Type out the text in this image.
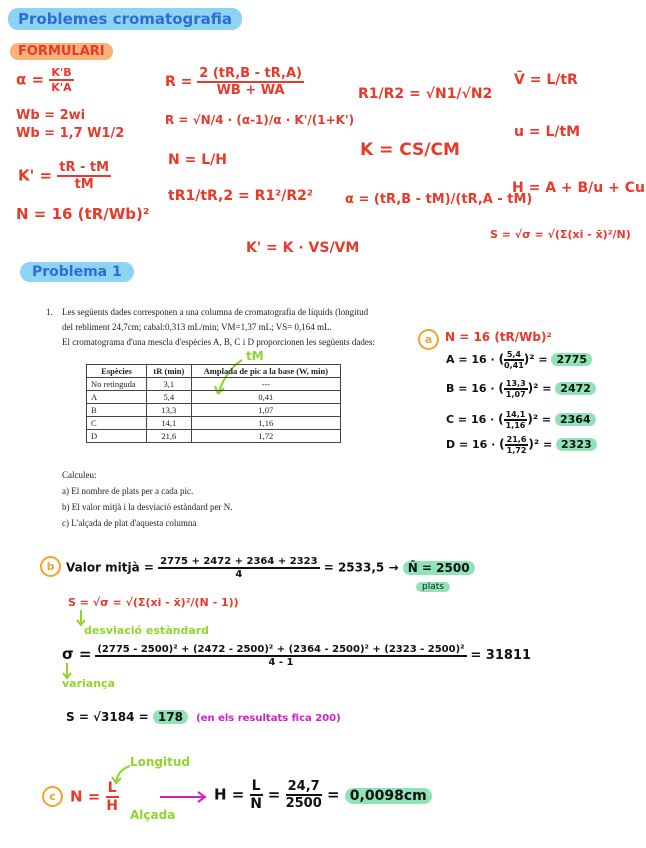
Problemes cromatografia
FORMULARI
$\alpha = \frac{K'B}{K'A}$
Wb = 2wi
Wb = 1,7 W1/2
$K' = \frac{tR - tM}{tM}$
N = 16 (tR/Wb)²
$R = \frac{2 (tR,B - tR,A)}{WB + WA}$
R = √N/4 · (α-1)/α · K'/(1+K')
N = L/H
tR1/tR,2 = R1²/R2²
K' = K · VS/VM
R1/R2 = √N1/√N2
K = CS/CM
α = (tR,B - tM)/(tR,A - tM)
V̄ = L/tR
u = L/tM
H = A + B/u + Cu
S = √σ = √(Σ(xi - x̄)²/N)
Problema 1
1. Les següents dades corresponen a una columna de cromatografia de líquids (longitud
del rebliment 24,7cm; cabal:0,313 mL/min; VM=1,37 mL; VS= 0,164 mL.
El cromatograma d'una mescla d'espècies A, B, C i D proporcionen les següents dades:
tM
Espècies	tR (min)	Amplada de pic a la base (W, min)
No retinguda	3,1	---
A	5,4	0,41
B	13,3	1,07
C	14,1	1,16
D	21,6	1,72
Calculeu:
a) El nombre de plats per a cada pic.
b) El valor mitjà i la desviació estàndard per N.
c) L'alçada de plat d'aquesta columna
a	N = 16 (tR/Wb)²
A = 16 · ( $\frac{5,4}{0,41} )^2 = 2775$
B = 16 · ( $\frac{13,3}{1,07} )^2 = 2472$
C = 16 · ( $\frac{14,1}{1,16} )^2 = 2364$
D = 16 · ( $\frac{21,6}{1,72} )^2 = 2323$
b Valor mitjà = $\frac{2775 + 2472 + 2364 + 2323}{4} = 2533,5$ → N̄ = 2500
plats
S = √σ = √(Σ(xi - x̄)²/(N - 1))
desviació estàndard
σ = (2775 - 2500)² + (2472 - 2500)² + (2364 - 2500)² + (2323 - 2500)²
4 - 1	= 31811
variança
S = √3184 = 178 (en els resultats fica 200)
Longitud
c $N = \frac{L}{H}$
Alçada
$H = \frac{L}{N} = \frac{24,7}{2500} = 0,0098cm$
